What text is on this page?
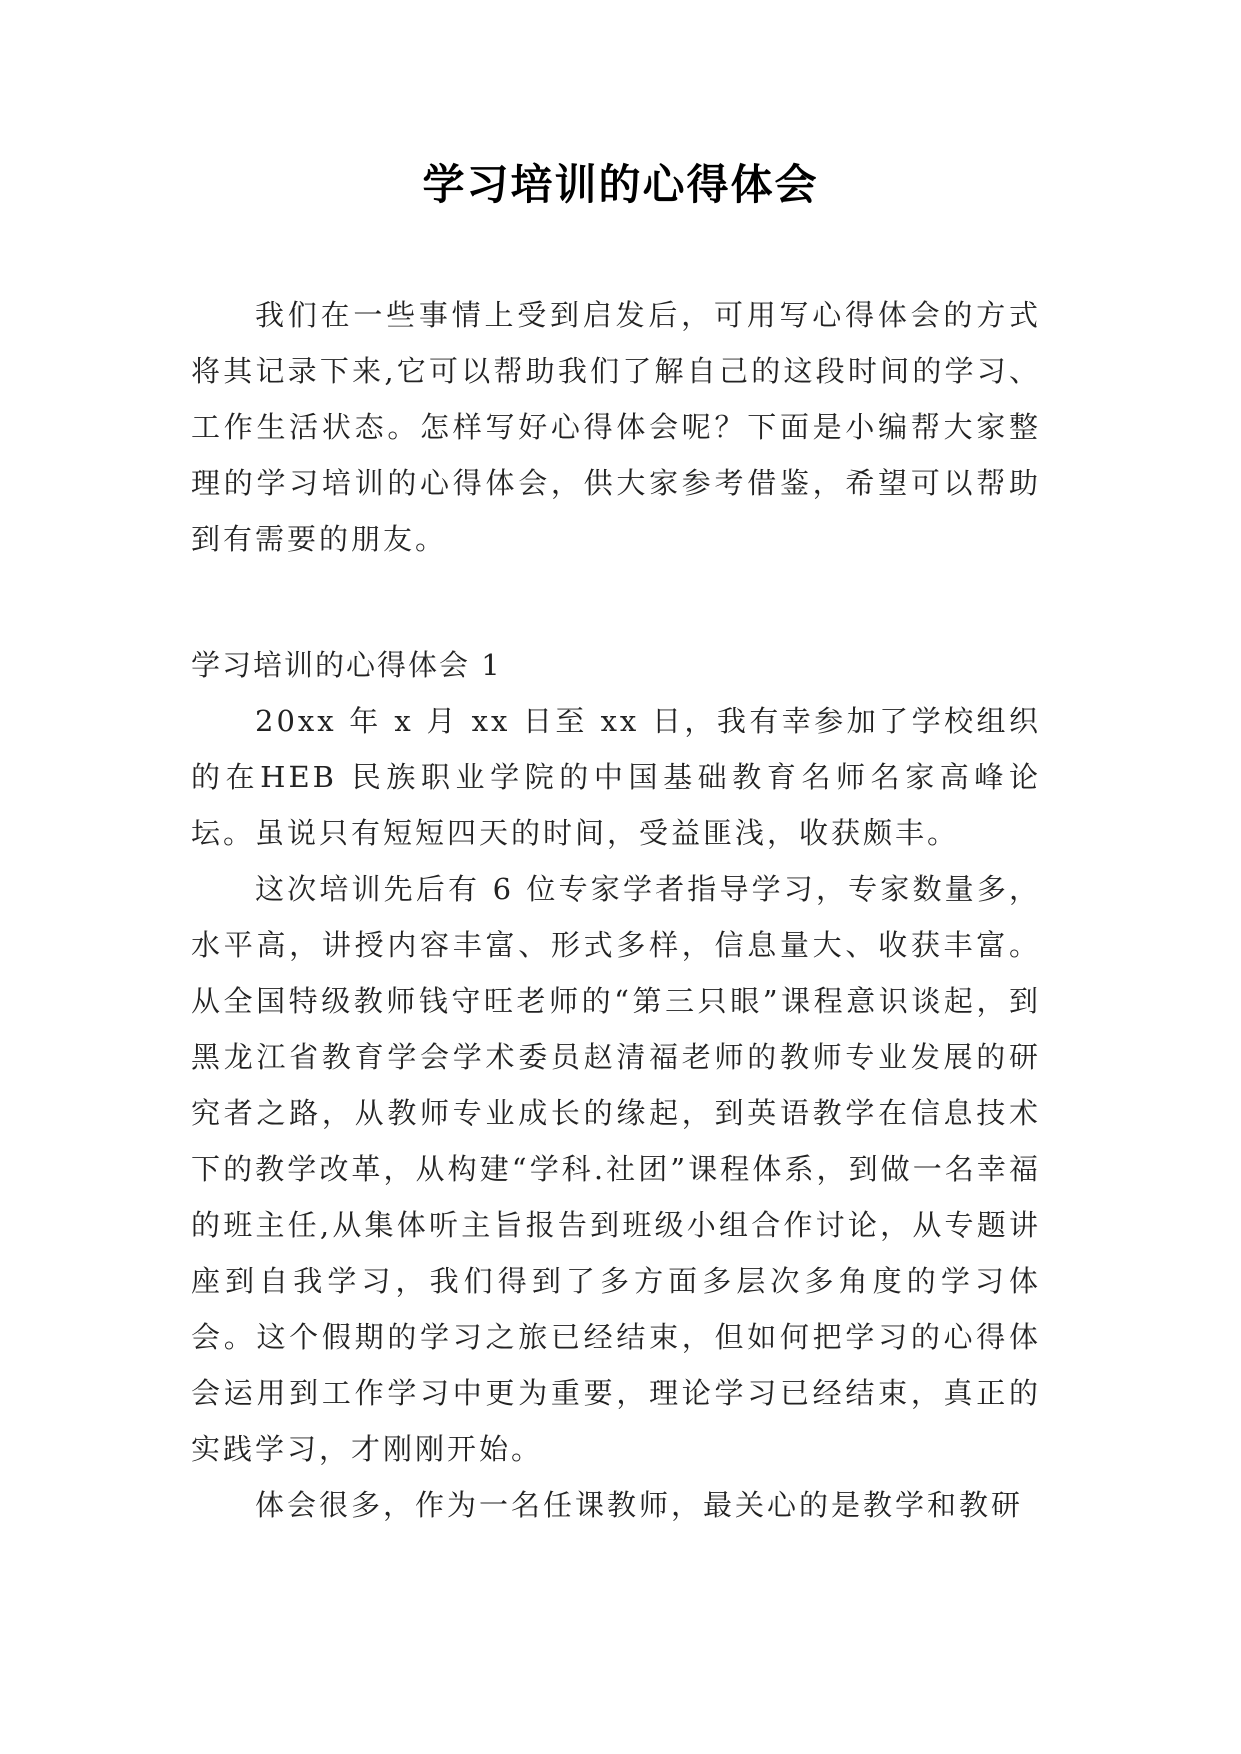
学习培训的心得体会

我们在一些事情上受到启发后，可用写心得体会的方式将其记录下来,它可以帮助我们了解自己的这段时间的学习、工作生活状态。怎样写好心得体会呢？下面是小编帮大家整理的学习培训的心得体会，供大家参考借鉴，希望可以帮助到有需要的朋友。

学习培训的心得体会 1

20xx 年 x 月 xx 日至 xx 日，我有幸参加了学校组织的在HEB 民族职业学院的中国基础教育名师名家高峰论坛。虽说只有短短四天的时间，受益匪浅，收获颇丰。

这次培训先后有 6 位专家学者指导学习，专家数量多，水平高，讲授内容丰富、形式多样，信息量大、收获丰富。从全国特级教师钱守旺老师的“第三只眼”课程意识谈起，到黑龙江省教育学会学术委员赵清福老师的教师专业发展的研究者之路，从教师专业成长的缘起，到英语教学在信息技术下的教学改革，从构建“学科.社团”课程体系，到做一名幸福的班主任,从集体听主旨报告到班级小组合作讨论，从专题讲座到自我学习，我们得到了多方面多层次多角度的学习体会。这个假期的学习之旅已经结束，但如何把学习的心得体会运用到工作学习中更为重要，理论学习已经结束，真正的实践学习，才刚刚开始。

体会很多，作为一名任课教师，最关心的是教学和教研
